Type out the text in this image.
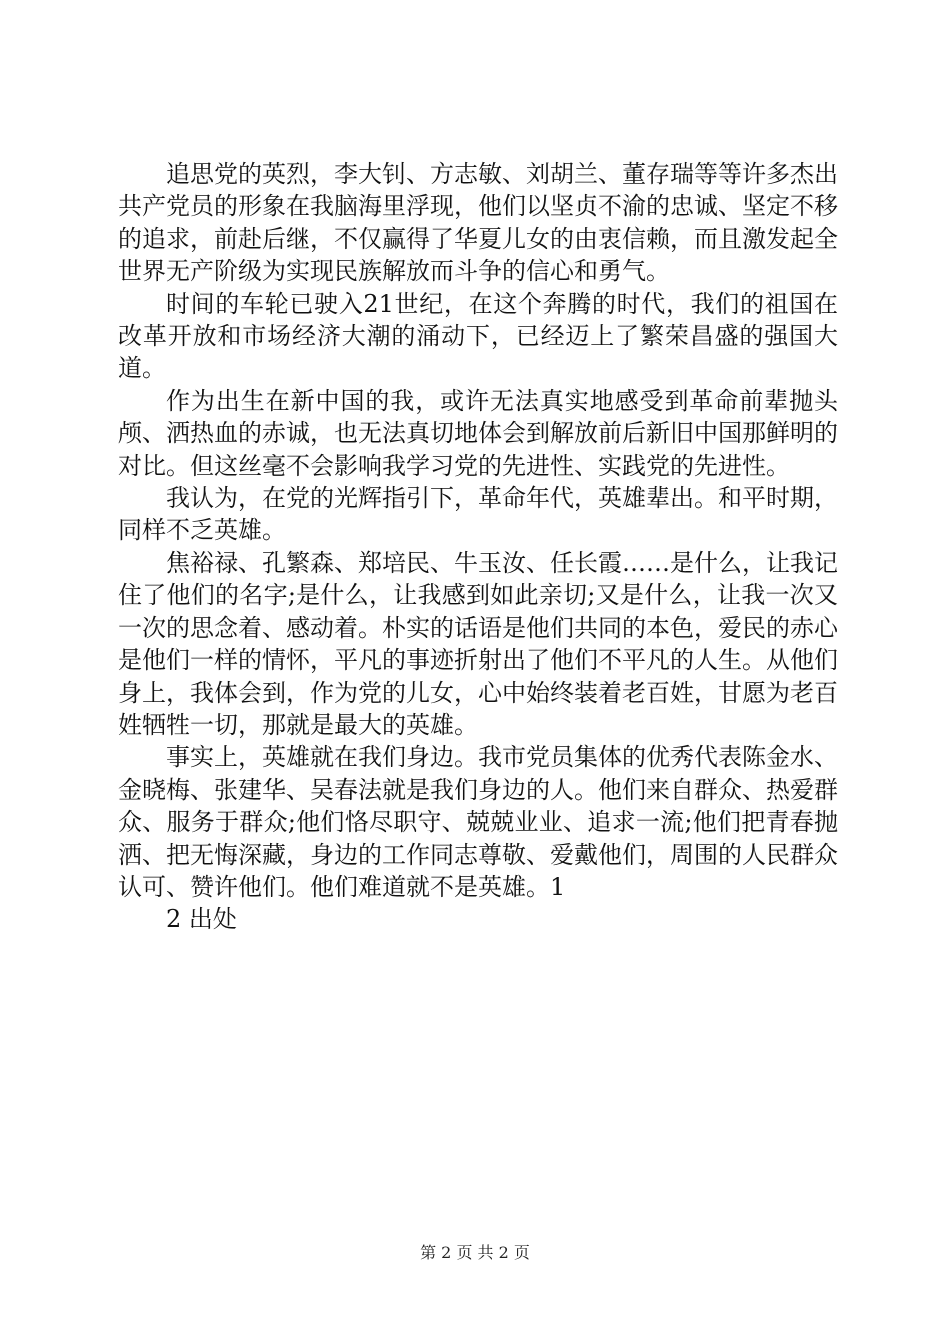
追思党的英烈，李大钊、方志敏、刘胡兰、董存瑞等等许多杰出共产党员的形象在我脑海里浮现，他们以坚贞不渝的忠诚、坚定不移的追求，前赴后继，不仅赢得了华夏儿女的由衷信赖，而且激发起全世界无产阶级为实现民族解放而斗争的信心和勇气。

时间的车轮已驶入21世纪，在这个奔腾的时代，我们的祖国在改革开放和市场经济大潮的涌动下，已经迈上了繁荣昌盛的强国大道。

作为出生在新中国的我，或许无法真实地感受到革命前辈抛头颅、洒热血的赤诚，也无法真切地体会到解放前后新旧中国那鲜明的对比。但这丝毫不会影响我学习党的先进性、实践党的先进性。

我认为，在党的光辉指引下，革命年代，英雄辈出。和平时期，同样不乏英雄。

焦裕禄、孔繁森、郑培民、牛玉汝、任长霞……是什么，让我记住了他们的名字;是什么，让我感到如此亲切;又是什么，让我一次又一次的思念着、感动着。朴实的话语是他们共同的本色，爱民的赤心是他们一样的情怀，平凡的事迹折射出了他们不平凡的人生。从他们身上，我体会到，作为党的儿女，心中始终装着老百姓，甘愿为老百姓牺牲一切，那就是最大的英雄。

事实上，英雄就在我们身边。我市党员集体的优秀代表陈金水、金晓梅、张建华、吴春法就是我们身边的人。他们来自群众、热爱群众、服务于群众;他们恪尽职守、兢兢业业、追求一流;他们把青春抛洒、把无悔深藏，身边的工作同志尊敬、爱戴他们，周围的人民群众认可、赞许他们。他们难道就不是英雄。1

2 出处

第 2 页 共 2 页
